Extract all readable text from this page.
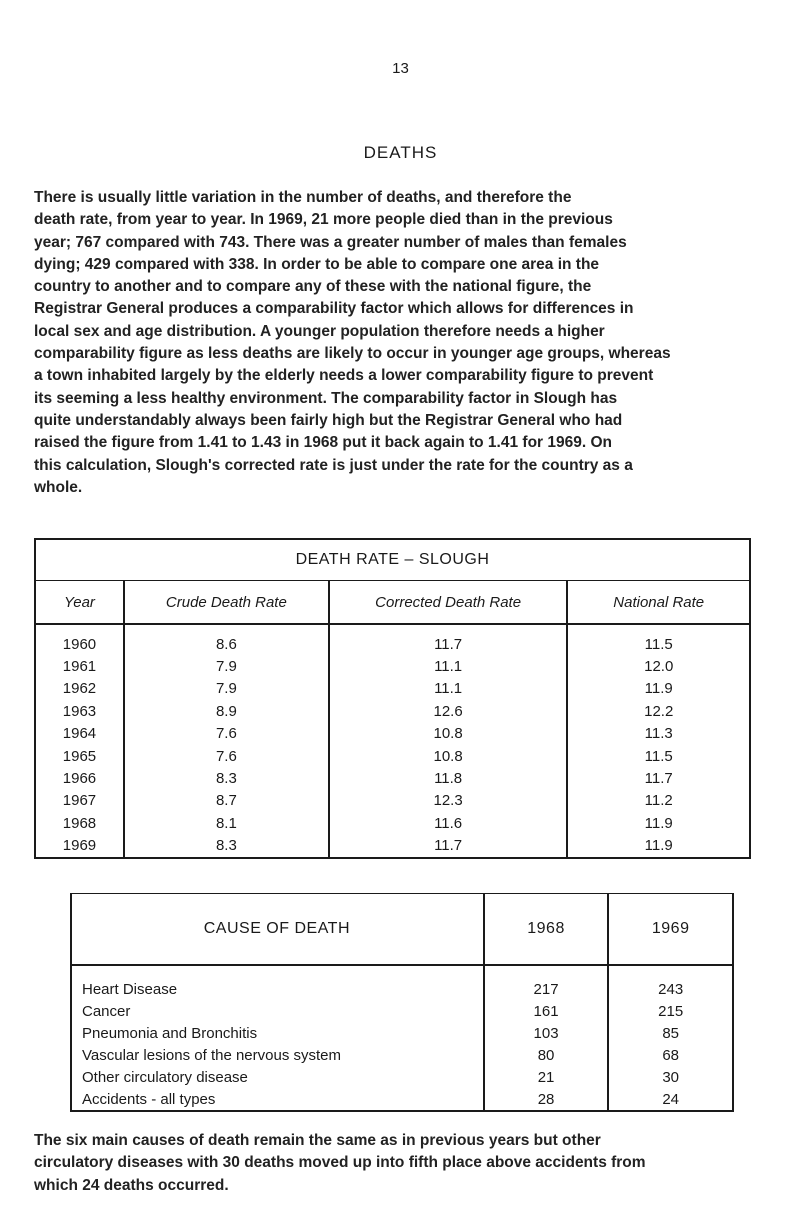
13
DEATHS
There is usually little variation in the number of deaths, and therefore the
death rate, from year to year. In 1969, 21 more people died than in the previous
year; 767 compared with 743. There was a greater number of males than females
dying; 429 compared with 338. In order to be able to compare one area in the
country to another and to compare any of these with the national figure, the
Registrar General produces a comparability factor which allows for differences in
local sex and age distribution. A younger population therefore needs a higher
comparability figure as less deaths are likely to occur in younger age groups, whereas
a town inhabited largely by the elderly needs a lower comparability figure to prevent
its seeming a less healthy environment. The comparability factor in Slough has
quite understandably always been fairly high but the Registrar General who had
raised the figure from 1.41 to 1.43 in 1968 put it back again to 1.41 for 1969. On
this calculation, Slough's corrected rate is just under the rate for the country as a
whole.
DEATH RATE – SLOUGH			
Year	Crude Death Rate	Corrected Death Rate	National Rate
1960	8.6	11.7	11.5
1961	7.9	11.1	12.0
1962	7.9	11.1	11.9
1963	8.9	12.6	12.2
1964	7.6	10.8	11.3
1965	7.6	10.8	11.5
1966	8.3	11.8	11.7
1967	8.7	12.3	11.2
1968	8.1	11.6	11.9
1969	8.3	11.7	11.9
CAUSE OF DEATH	1968	1969
Heart Disease	217	243
Cancer	161	215
Pneumonia and Bronchitis	103	85
Vascular lesions of the nervous system	80	68
Other circulatory disease	21	30
Accidents - all types	28	24
The six main causes of death remain the same as in previous years but other
circulatory diseases with 30 deaths moved up into fifth place above accidents from
which 24 deaths occurred.
